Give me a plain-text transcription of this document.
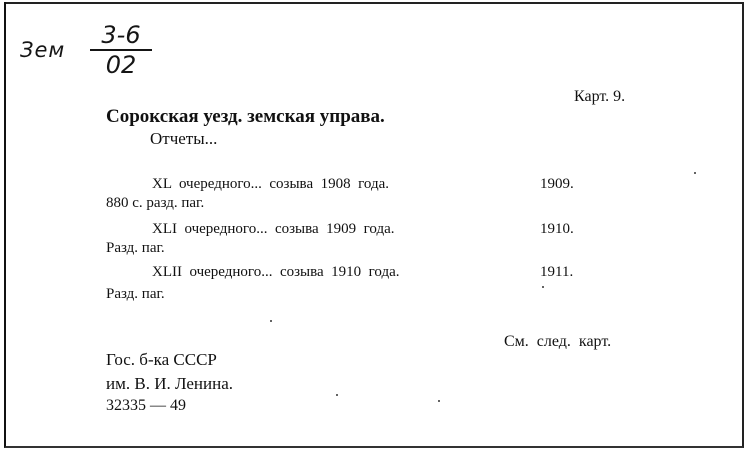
Зем
3-6
02
Карт. 9.
Сорокская уезд. земская управа.
Отчеты...
XL  очередного...  созыва  1908  года.	1909.
880 с. разд. паг.
XLI  очередного...  созыва  1909  года.	1910.
Разд. паг.
XLII  очередного...  созыва  1910  года.	1911.
Разд. паг.
См.  след.  карт.
Гос. б-ка СССР
им. В. И. Ленина.
32335 — 49
